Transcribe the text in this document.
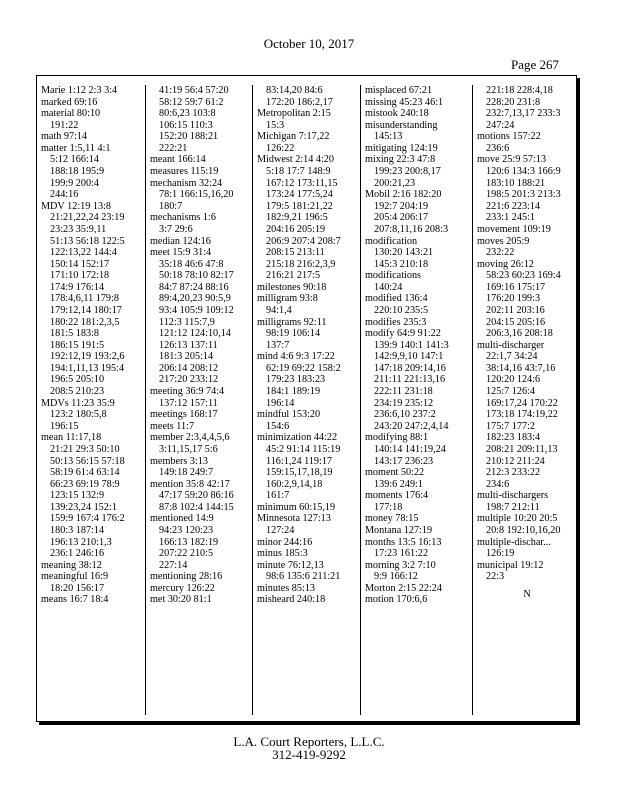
October 10, 2017
Page 267
Marie 1:12 2:3 3:4
marked 69:16
material 80:10
191:22
math 97:14
matter 1:5,11 4:1
5:12 166:14
188:18 195:9
199:9 200:4
244:16
MDV 12:19 13:8
21:21,22,24 23:19
23:23 35:9,11
51:13 56:18 122:5
122:13,22 144:4
150:14 152:17
171:10 172:18
174:9 176:14
178:4,6,11 179:8
179:12,14 180:17
180:22 181:2,3,5
181:5 183:8
186:15 191:5
192:12,19 193:2,6
194:1,11,13 195:4
196:5 205:10
208:5 210:23
MDVs 11:23 35:9
123:2 180:5,8
196:15
mean 11:17,18
21:21 29:3 50:10
50:13 56:15 57:18
58:19 61:4 63:14
66:23 69:19 78:9
123:15 132:9
139:23,24 152:1
159:9 167:4 176:2
180:3 187:14
196:13 210:1,3
236:1 246:16
meaning 38:12
meaningful 16:9
18:20 156:17
means 16:7 18:4
41:19 56:4 57:20
58:12 59:7 61:2
80:6,23 103:8
106:15 110:3
152:20 188:21
222:21
meant 166:14
measures 115:19
mechanism 32:24
78:1 166:15,16,20
180:7
mechanisms 1:6
3:7 29:6
median 124:16
meet 15:9 31:4
35:18 46:6 47:8
50:18 78:10 82:17
84:7 87:24 88:16
89:4,20,23 90:5,9
93:4 105:9 109:12
112:3 115:7,9
121:12 124:10,14
126:13 137:11
181:3 205:14
206:14 208:12
217:20 233:12
meeting 36:9 74:4
137:12 157:11
meetings 168:17
meets 11:7
member 2:3,4,4,5,6
3:11,15,17 5:6
members 3:13
149:18 249:7
mention 35:8 42:17
47:17 59:20 86:16
87:8 102:4 144:15
mentioned 14:9
94:23 120:23
166:13 182:19
207:22 210:5
227:14
mentioning 28:16
mercury 126:22
met 30:20 81:1
83:14,20 84:6
172:20 186:2,17
Metropolitan 2:15
15:3
Michigan 7:17,22
126:22
Midwest 2:14 4:20
5:18 17:7 148:9
167:12 173:11,15
173:24 177:5,24
179:5 181:21,22
182:9,21 196:5
204:16 205:19
206:9 207:4 208:7
208:15 213:11
215:18 216:2,3,9
216:21 217:5
milestones 90:18
milligram 93:8
94:1,4
milligrams 92:11
98:19 106:14
137:7
mind 4:6 9:3 17:22
62:19 69:22 158:2
179:23 183:23
184:1 189:19
196:14
mindful 153:20
154:6
minimization 44:22
45:2 91:14 115:19
116:1,24 119:17
159:15,17,18,19
160:2,9,14,18
161:7
minimum 60:15,19
Minnesota 127:13
127:24
minor 244:16
minus 185:3
minute 76:12,13
98:6 135:6 211:21
minutes 85:13
misheard 240:18
misplaced 67:21
missing 45:23 46:1
mistook 240:18
misunderstanding
145:13
mitigating 124:19
mixing 22:3 47:8
199:23 200:8,17
200:21,23
Mobil 2:16 182:20
192:7 204:19
205:4 206:17
207:8,11,16 208:3
modification
130:20 143:21
145:3 210:18
modifications
140:24
modified 136:4
220:10 235:5
modifies 235:3
modify 64:9 91:22
139:9 140:1 141:3
142:9,9,10 147:1
147:18 209:14,16
211:11 221:13,16
222:11 231:18
234:19 235:12
236:6,10 237:2
243:20 247:2,4,14
modifying 88:1
140:14 141:19,24
143:17 236:23
moment 50:22
139:6 249:1
moments 176:4
177:18
money 78:15
Montana 127:19
months 13:5 16:13
17:23 161:22
morning 3:2 7:10
9:9 166:12
Morton 2:15 22:24
motion 170:6,6
221:18 228:4,18
228:20 231:8
232:7,13,17 233:3
247:24
motions 157:22
236:6
move 25:9 57:13
120:6 134:3 166:9
183:10 188:21
198:5 201:3 213:3
221:6 223:14
233:1 245:1
movement 109:19
moves 205:9
232:22
moving 26:12
58:23 60:23 169:4
169:16 175:17
176:20 199:3
202:11 203:16
204:15 205:16
206:3,16 208:18
multi-discharger
22:1,7 34:24
38:14,16 43:7,16
120:20 124:6
125:7 126:4
169:17,24 170:22
173:18 174:19,22
175:7 177:2
182:23 183:4
208:21 209:11,13
210:12 211:24
212:3 233:22
234:6
multi-dischargers
198:7 212:11
multiple 10:20 20:5
20:8 192:10,16,20
multiple-dischar...
126:19
municipal 19:12
22:3
N
L.A. Court Reporters, L.L.C.
312-419-9292
